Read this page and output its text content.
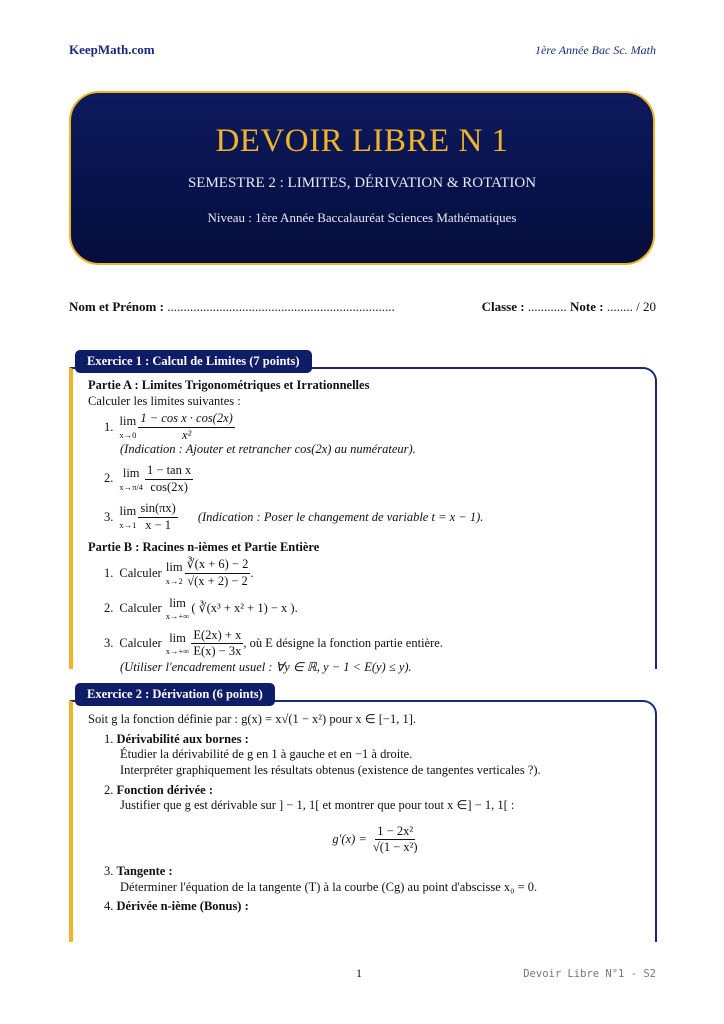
KeepMath.com	1ère Année Bac Sc. Math
DEVOIR LIBRE N 1
SEMESTRE 2 : LIMITES, DÉRIVATION & ROTATION
Niveau : 1ère Année Baccalauréat Sciences Mathématiques
Nom et Prénom : ......................................................................	Classe : ............ Note : ........ / 20
Exercice 1 : Calcul de Limites (7 points)
Partie A : Limites Trigonométriques et Irrationnelles
Calculer les limites suivantes :
1. lim
$x\to 0 \frac{\text{1 − cos x · cos(2x)}}{\text{x²}}$
(Indication : Ajouter et retrancher cos(2x) au numérateur).
2. lim
$x\to\pi/4 \frac{\text{1 − tan x}}{\cos(2x)}$
3. lim
$x\to 1 \frac{\sin(\pi x)}{x - 1}$ (Indication : Poser le changement de variable t = x − 1).
Partie B : Racines n-ièmes et Partie Entière
1. Calculer lim
$x\to 2 \frac{∛(x + 6) - 2}{√(x + 2) - 2}$ .
2. Calculer lim
x→+∞
( ∛(x³ + x² + 1) − x ).
3. Calculer lim
$x\to+\infty \frac{E(2x) + x}{E(x) - 3x}$ , où E désigne la fonction partie entière.
(Utiliser l'encadrement usuel : ∀y ∈ ℝ, y − 1 < E(y) ≤ y).
Exercice 2 : Dérivation (6 points)
Soit g la fonction définie par : g(x) = x√(1 − x²) pour x ∈ [−1, 1].
1. Dérivabilité aux bornes :
Étudier la dérivabilité de g en 1 à gauche et en −1 à droite.
Interpréter graphiquement les résultats obtenus (existence de tangentes verticales ?).
2. Fonction dérivée :
Justifier que g est dérivable sur ] − 1, 1[ et montrer que pour tout x ∈] − 1, 1[ :
$g'(x) = \frac{\text{1 − 2x²}}{\text{√(1 − x²)}}$
3. Tangente :
Déterminer l'équation de la tangente (T) à la courbe (Cg) au point d'abscisse x₀ = 0.
4. Dérivée n-ième (Bonus) :
1	Devoir Libre N°1 - S2
